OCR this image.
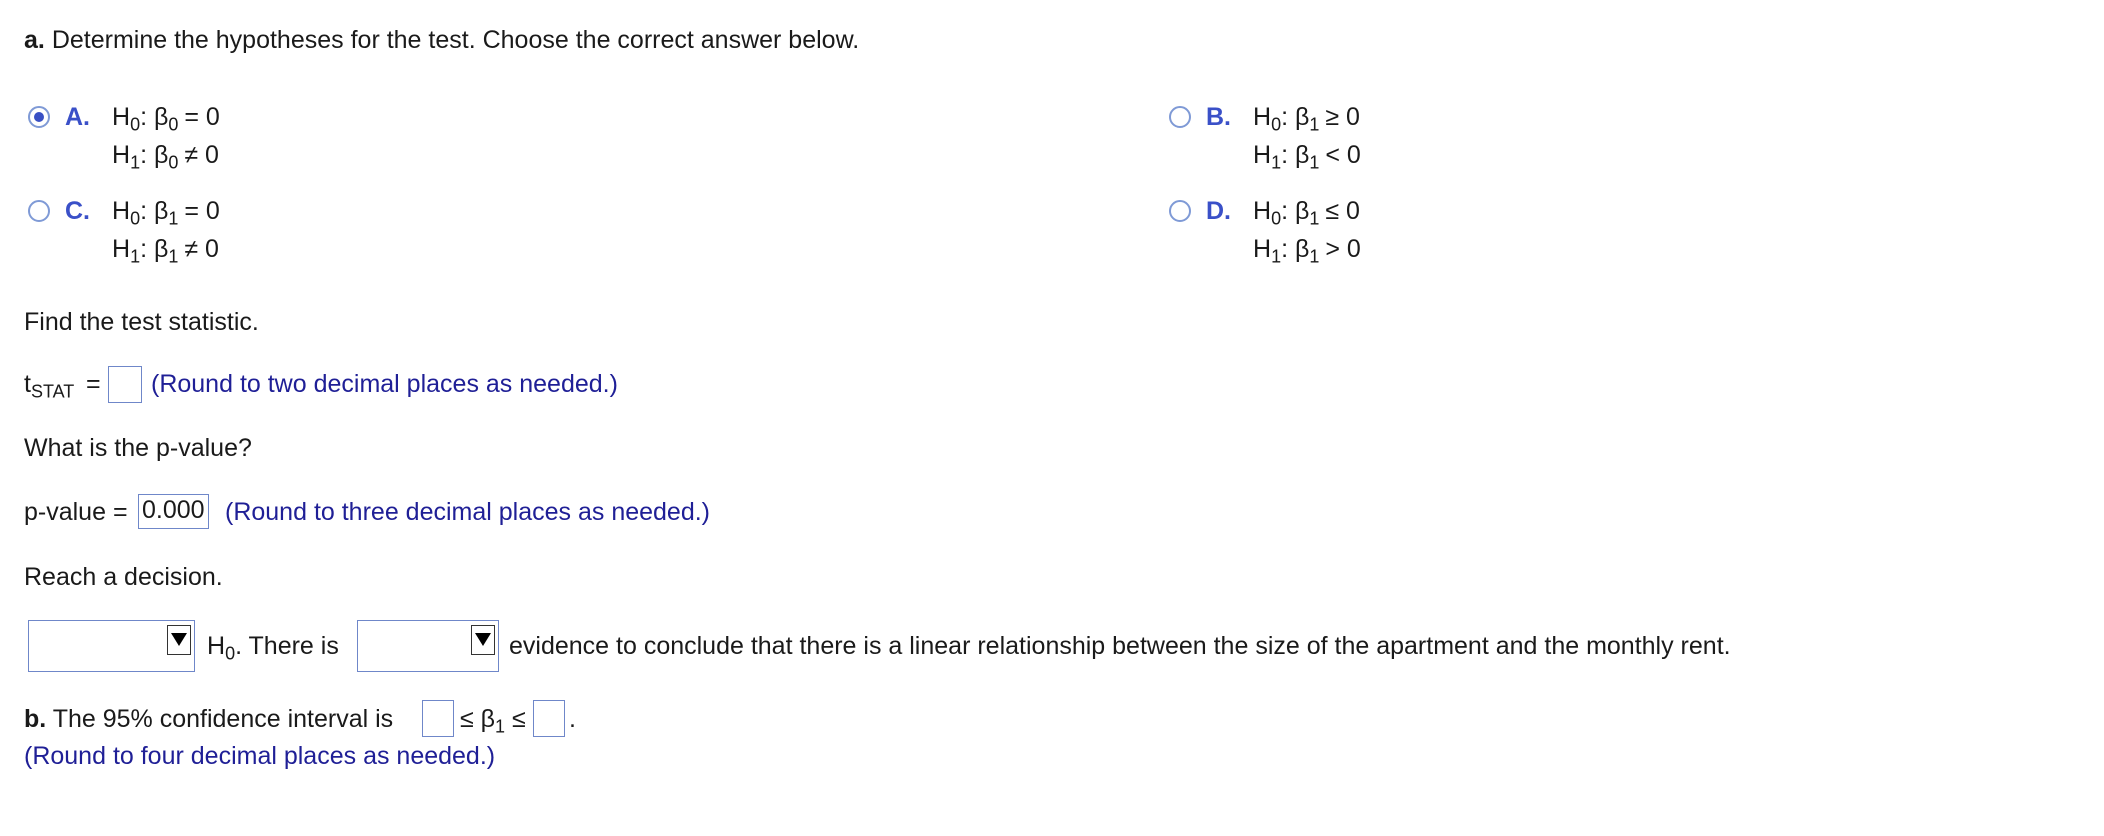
a. Determine the hypotheses for the test. Choose the correct answer below.
A. $H_0$: $\beta_0 = 0$
$H_1$: $\beta_0 \ne 0$
B. $H_0$: $\beta_1 \ge 0$
$H_1$: $\beta_1 < 0$
C. $H_0$: $\beta_1 = 0$
$H_1$: $\beta_1 \ne 0$
D. $H_0$: $\beta_1 \le 0$
$H_1$: $\beta_1 > 0$
Find the test statistic.
$t_{STAT}$ = (Round to two decimal places as needed.)
What is the p-value?
p-value = 0.000 (Round to three decimal places as needed.)
Reach a decision.
$H_0$. There is	evidence to conclude that there is a linear relationship between the size of the apartment and the monthly rent.
b. The 95% confidence interval is	≤ $\beta_1$ ≤ .
(Round to four decimal places as needed.)
